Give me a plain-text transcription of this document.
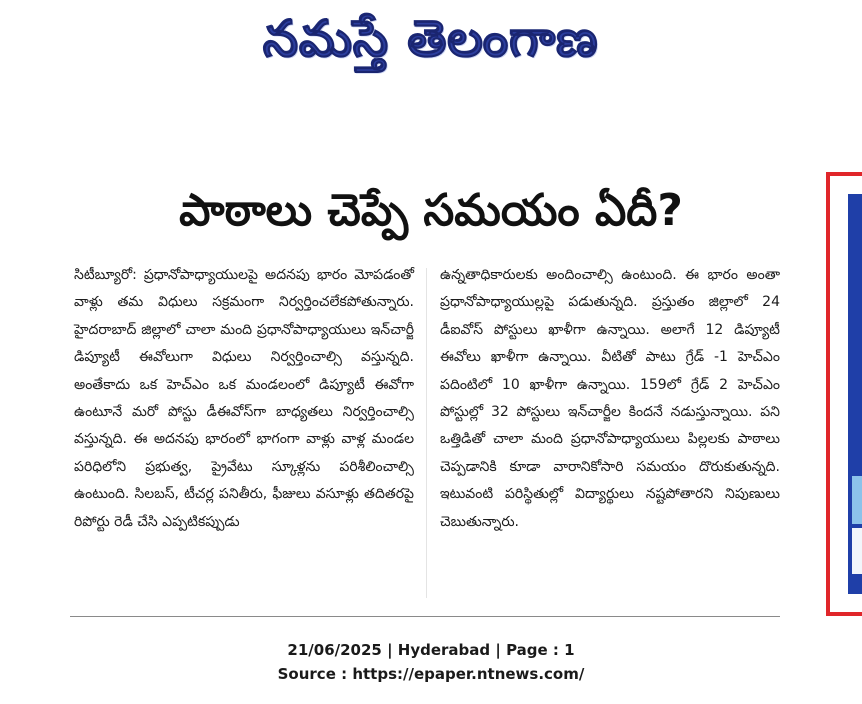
నమస్తే తెలంగాణ
పాఠాలు చెప్పే సమయం ఏదీ?
సిటీబ్యూరో: ప్రధానోపాధ్యాయులపై అదనపు భారం మోపడంతో వాళ్లు తమ విధులు సక్రమంగా నిర్వర్తించలేకపోతున్నారు. హైదరాబాద్ జిల్లాలో చాలా మంది ప్రధానోపాధ్యాయులు ఇన్‌చార్జీ డిప్యూటీ ఈవోలుగా విధులు నిర్వర్తించాల్సి వస్తున్నది. అంతేకాదు ఒక హెచ్‌ఎం ఒక మండలంలో డిప్యూటీ ఈవోగా ఉంటూనే మరో పోస్టు డీఈవోస్‌గా బాధ్యతలు నిర్వర్తించాల్సి వస్తున్నది. ఈ అదనపు భారంలో భాగంగా వాళ్లు వాళ్ల మండల పరిధిలోని ప్రభుత్వ, ప్రైవేటు స్కూళ్లను పరిశీలించాల్సి ఉంటుంది. సిలబస్, టీచర్ల పనితీరు, ఫీజులు వసూళ్లు తదితరపై రిపోర్టు రెడీ చేసి ఎప్పటికప్పుడు
ఉన్నతాధికారులకు అందించాల్సి ఉంటుంది. ఈ భారం అంతా ప్రధానోపాధ్యాయుల్లపై పడుతున్నది. ప్రస్తుతం జిల్లాలో 24 డీఐవోస్ పోస్టులు ఖాళీగా ఉన్నాయి. అలాగే 12 డిప్యూటీ ఈవోలు ఖాళీగా ఉన్నాయి. వీటితో పాటు గ్రేడ్ -1 హెచ్‌ఎం పదింటిలో 10 ఖాళీగా ఉన్నాయి. 159లో గ్రేడ్ 2 హెచ్‌ఎం పోస్టుల్లో 32 పోస్టులు ఇన్‌చార్జీల కిందనే నడుస్తున్నాయి. పని ఒత్తిడితో చాలా మంది ప్రధానోపాధ్యాయులు పిల్లలకు పాఠాలు చెప్పడానికి కూడా వారానికోసారి సమయం దొరుకుతున్నది. ఇటువంటి పరిస్థితుల్లో విద్యార్థులు నష్టపోతారని నిపుణులు చెబుతున్నారు.
21/06/2025 | Hyderabad | Page : 1
Source : https://epaper.ntnews.com/
